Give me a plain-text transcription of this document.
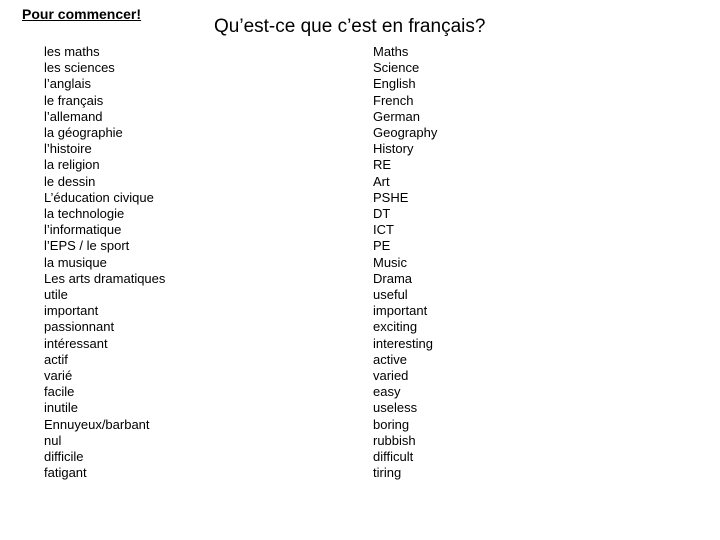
Pour commencer!
Qu’est-ce que c’est en français?
les maths
les sciences
l’anglais
le français
l’allemand
la géographie
l’histoire
la religion
le dessin
L’éducation civique
la technologie
l’informatique
l’EPS / le sport
la musique
Les arts dramatiques
utile
important
passionnant
intéressant
actif
varié
facile
inutile
Ennuyeux/barbant
nul
difficile
fatigant
Maths
Science
English
French
German
Geography
History
RE
Art
PSHE
DT
ICT
PE
Music
Drama
useful
important
exciting
interesting
active
varied
easy
useless
boring
rubbish
difficult
tiring
